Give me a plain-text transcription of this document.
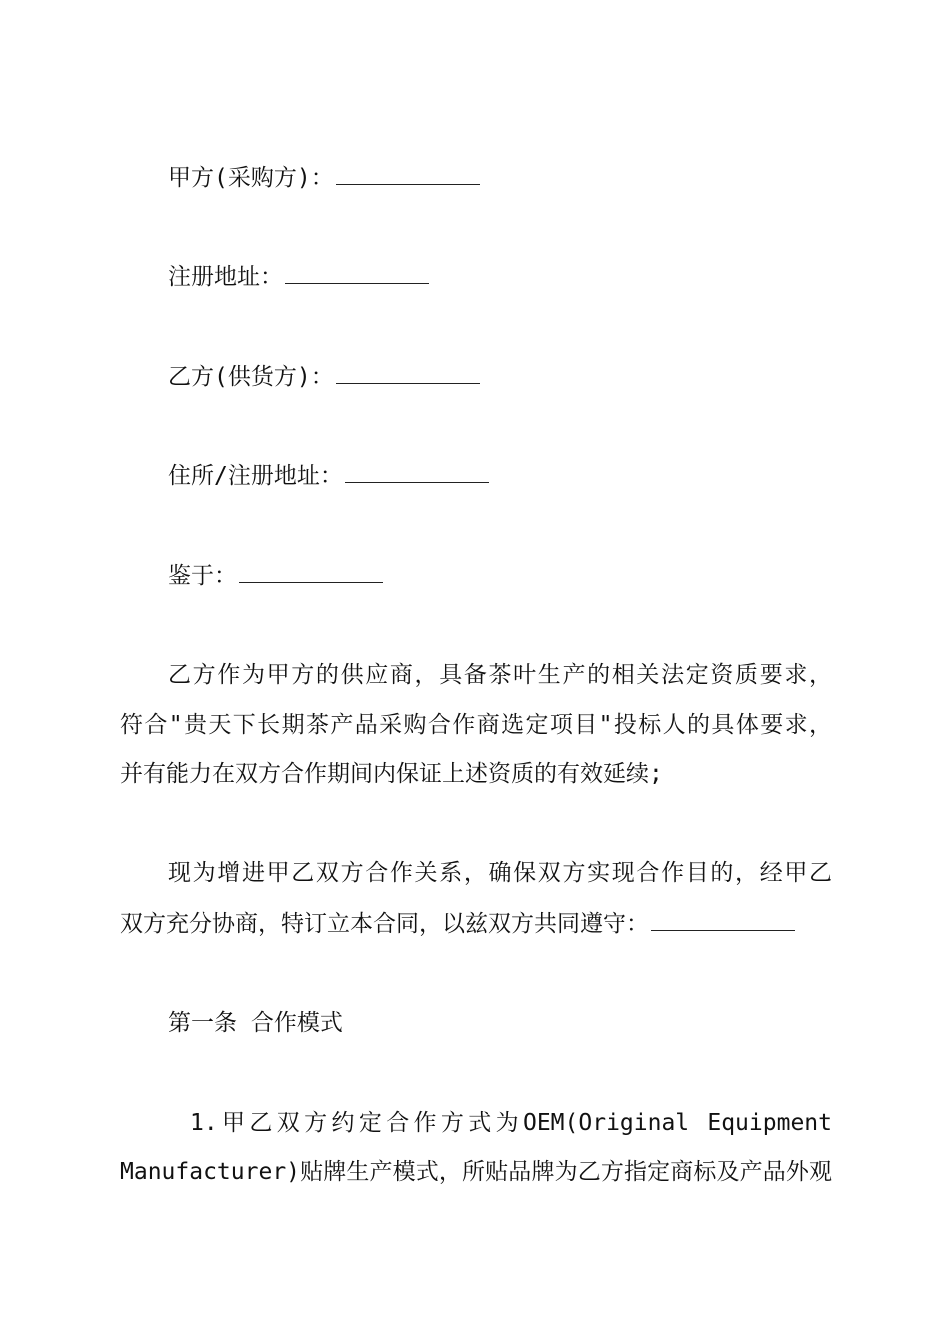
甲方(采购方)：
注册地址：
乙方(供货方)：
住所/注册地址：
鉴于：
乙方作为甲方的供应商，具备茶叶生产的相关法定资质要求，
符合"贵天下长期茶产品采购合作商选定项目"投标人的具体要求，
并有能力在双方合作期间内保证上述资质的有效延续;
现为增进甲乙双方合作关系，确保双方实现合作目的，经甲乙
双方充分协商，特订立本合同，以兹双方共同遵守：
第一条 合作模式
1.甲乙双方约定合作方式为OEM(Original Equipment
Manufacturer)贴牌生产模式，所贴品牌为乙方指定商标及产品外观
